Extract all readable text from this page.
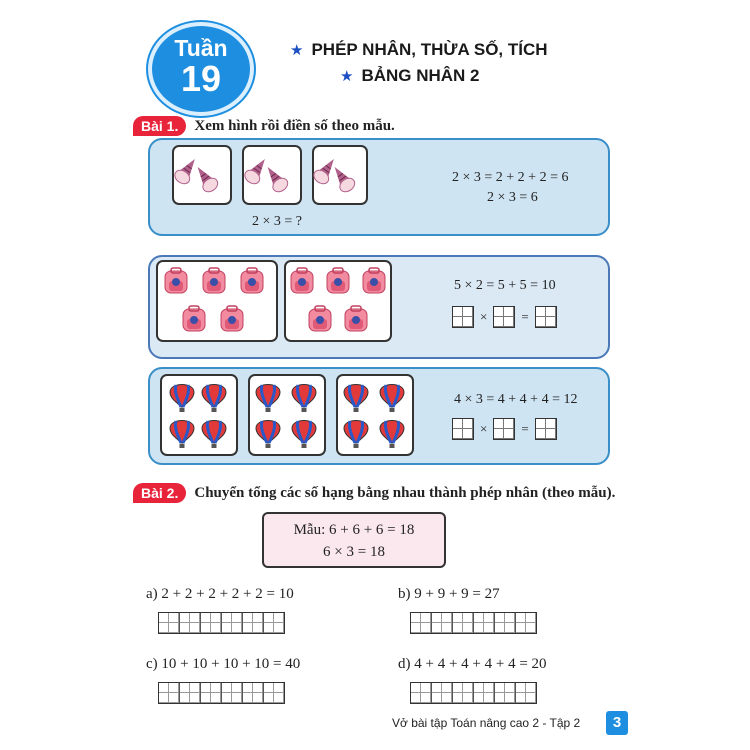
Tuần
19
★ PHÉP NHÂN, THỪA SỐ, TÍCH
★ BẢNG NHÂN 2
Bài 1.	Xem hình rồi điền số theo mẫu.
2 × 3 = ?
2 × 3 = 2 + 2 + 2 = 6
2 × 3 = 6
5 × 2 = 5 + 5 = 10
×	=
4 × 3 = 4 + 4 + 4 = 12
×	=
Bài 2.	Chuyển tổng các số hạng bằng nhau thành phép nhân (theo mẫu).
Mẫu: 6 + 6 + 6 = 18
6 × 3 = 18
a) 2 + 2 + 2 + 2 + 2 = 10	b) 9 + 9 + 9 = 27
c) 10 + 10 + 10 + 10 = 40	d) 4 + 4 + 4 + 4 + 4 = 20
Vở bài tập Toán nâng cao 2 - Tập 2	3
